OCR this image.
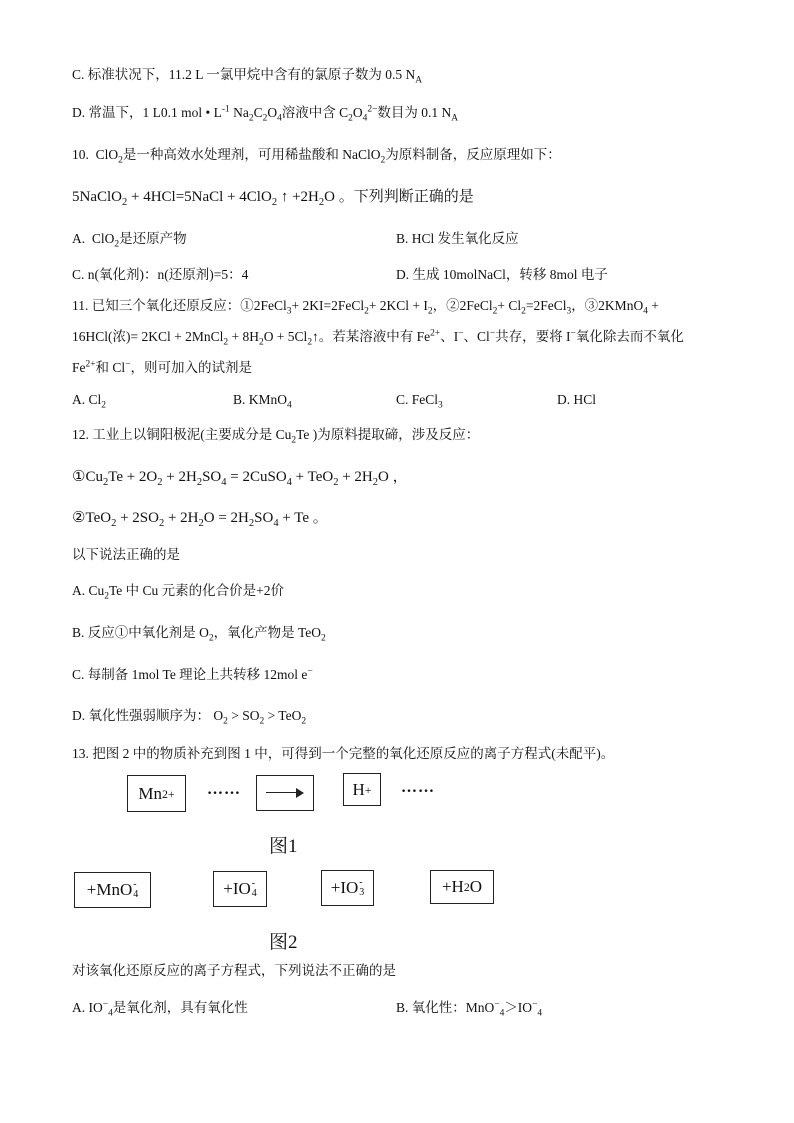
C. 标准状况下，11.2 L 一氯甲烷中含有的氯原子数为 0.5 $N_A$
D. 常温下，1 L0.1 mol • $L^{-1}$ $Na_2C_2O_4$溶液中含 $C_2O_4^{2-}$数目为 0.1 $N_A$
10. ClO$_2$是一种高效水处理剂，可用稀盐酸和 NaClO$_2$为原料制备，反应原理如下：
5NaClO$_2$ + 4HCl=5NaCl + 4ClO$_2$ ↑ $+2H_2O$ 。下列判断正确的是
A. ClO$_2$是还原产物	B. HCl 发生氧化反应
C. n(氧化剂)：n(还原剂)=5：4	D. 生成 10molNaCl，转移 8mol 电子
11. 已知三个氧化还原反应：①2FeCl$_3$+ 2KI=2FeCl$_2$+ $2KCl + I_2$，②2FeCl$_2$+ $Cl_2=2FeCl_3$，③2KMnO$_4$ +
16HCl(浓)= 2KCl + 2MnCl$_2$ + $8H_2O$ + $5Cl_2↑$。若某溶液中有 $Fe^{2+}$、I−、Cl−共存，要将 I−氧化除去而不氧化
$Fe^{2+}$和 Cl−，则可加入的试剂是
A. $Cl_2$	B. KMnO$_4$	C. FeCl$_3$	D. HCl
12. 工业上以铜阳极泥(主要成分是 $Cu_2Te$ )为原料提取碲，涉及反应：
$①Cu_2Te + 2O_2 + 2H_2SO_4$ = 2CuSO$_4$ + $TeO_2 + 2H_2O$ ，
②TeO$_2$ + $2SO_2 + 2H_2O = 2H_2SO_4 + Te$ 。
以下说法正确的是
A. $Cu_2Te$ 中 Cu 元素的化合价是+2价
B. 反应①中氧化剂是 $O_2$，氧化产物是 TeO$_2$
C. 每制备 1mol Te 理论上共转移 12mol e−
D. 氧化性强弱顺序为： $O_2 > SO_2 > TeO_2$
13. 把图 2 中的物质补充到图 1 中，可得到一个完整的氧化还原反应的离子方程式(未配平)。
Mn 2+ ……	H + ……
图1
+MnO -
4	+IO -
4	+IO -
3	+H 2 O
图2
对该氧化还原反应的离子方程式，下列说法不正确的是
A. $IO^-_4$是氧化剂，具有氧化性	B. 氧化性：$MnO^-_4>IO^-_4$
